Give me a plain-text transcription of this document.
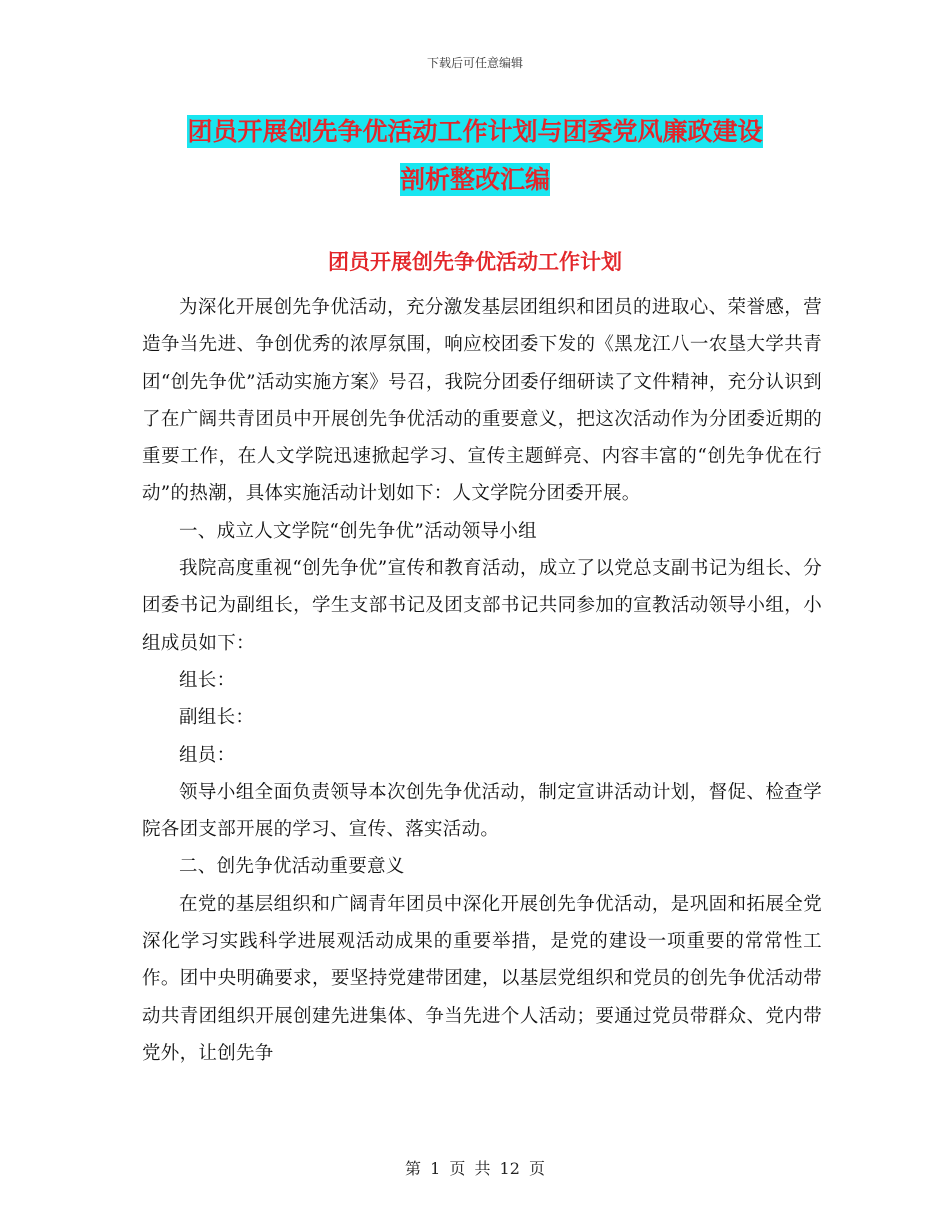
下载后可任意编辑
团员开展创先争优活动工作计划与团委党风廉政建设
剖析整改汇编
团员开展创先争优活动工作计划

为深化开展创先争优活动，充分激发基层团组织和团员的进取心、荣誉感，营造争当先进、争创优秀的浓厚氛围，响应校团委下发的《黑龙江八一农垦大学共青团“创先争优”活动实施方案》号召，我院分团委仔细研读了文件精神，充分认识到了在广阔共青团员中开展创先争优活动的重要意义，把这次活动作为分团委近期的重要工作，在人文学院迅速掀起学习、宣传主题鲜亮、内容丰富的“创先争优在行动”的热潮，具体实施活动计划如下：人文学院分团委开展。

一、成立人文学院“创先争优”活动领导小组

我院高度重视“创先争优”宣传和教育活动，成立了以党总支副书记为组长、分团委书记为副组长，学生支部书记及团支部书记共同参加的宣教活动领导小组，小组成员如下：

组长：

副组长：

组员：

领导小组全面负责领导本次创先争优活动，制定宣讲活动计划，督促、检查学院各团支部开展的学习、宣传、落实活动。

二、创先争优活动重要意义

在党的基层组织和广阔青年团员中深化开展创先争优活动，是巩固和拓展全党深化学习实践科学进展观活动成果的重要举措，是党的建设一项重要的常常性工作。团中央明确要求，要坚持党建带团建，以基层党组织和党员的创先争优活动带动共青团组织开展创建先进集体、争当先进个人活动；要通过党员带群众、党内带党外，让创先争

第 1 页 共 12 页
